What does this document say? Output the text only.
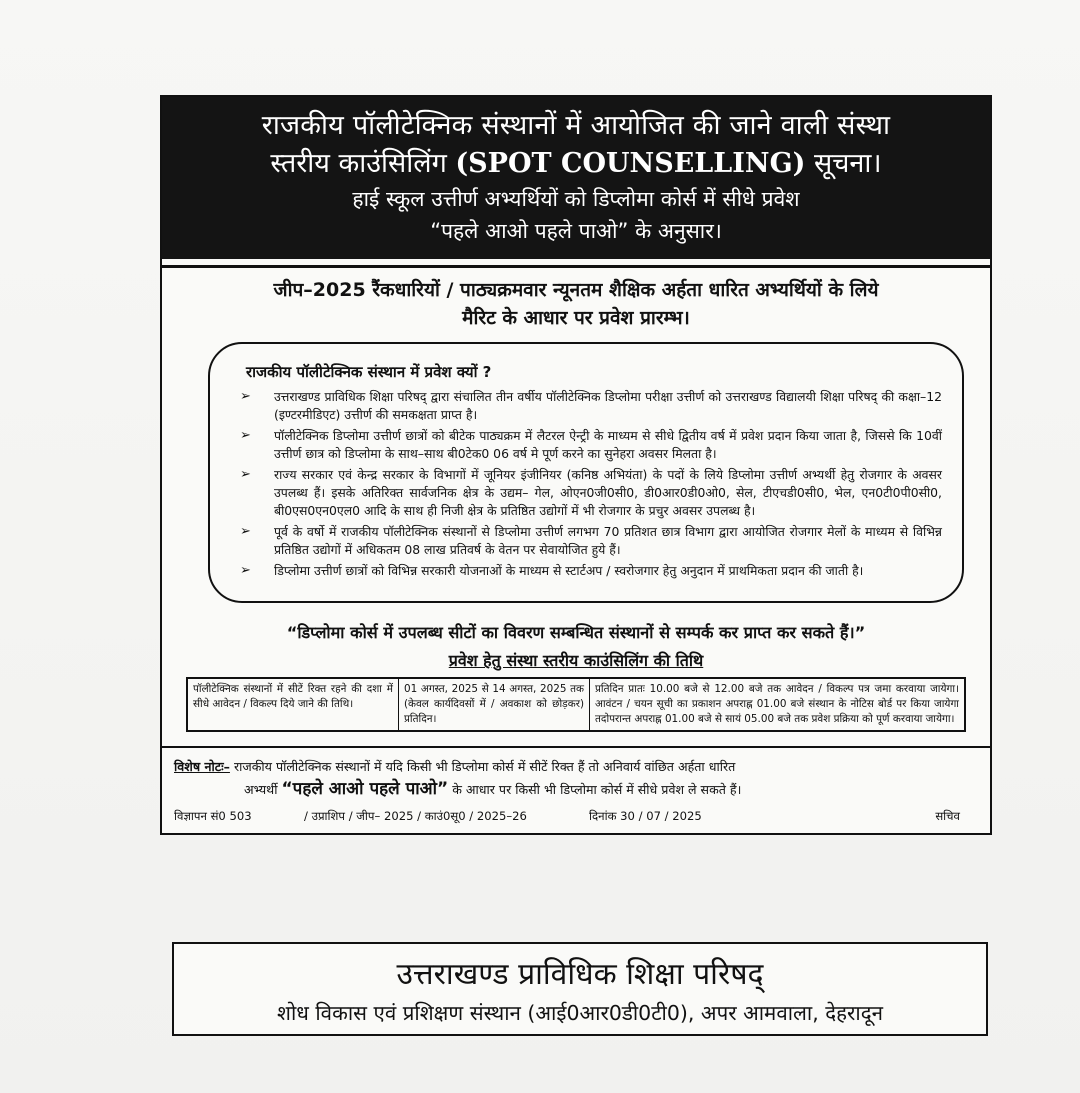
राजकीय पॉलीटेक्निक संस्थानों में आयोजित की जाने वाली संस्था
स्तरीय काउंसिलिंग (SPOT COUNSELLING) सूचना।
हाई स्कूल उत्तीर्ण अभ्यर्थियों को डिप्लोमा कोर्स में सीधे प्रवेश
“पहले आओ पहले पाओ” के अनुसार।
जीप–2025 रैंकधारियों / पाठ्यक्रमवार न्यूनतम शैक्षिक अर्हता धारित अभ्यर्थियों के लिये
मैरिट के आधार पर प्रवेश प्रारम्भ।
राजकीय पॉलीटेक्निक संस्थान में प्रवेश क्यों ?
➢ उत्तराखण्ड प्राविधिक शिक्षा परिषद् द्वारा संचालित तीन वर्षीय पॉलीटेक्निक डिप्लोमा परीक्षा उत्तीर्ण को उत्तराखण्ड विद्यालयी शिक्षा परिषद् की कक्षा–12 (इण्टरमीडिएट) उत्तीर्ण की समकक्षता प्राप्त है।
➢ पॉलीटेक्निक डिप्लोमा उत्तीर्ण छात्रों को बीटेक पाठ्यक्रम में लैटरल ऐन्ट्री के माध्यम से सीधे द्वितीय वर्ष में प्रवेश प्रदान किया जाता है, जिससे कि 10वीं उत्तीर्ण छात्र को डिप्लोमा के साथ–साथ बी0टेक0 06 वर्ष मे पूर्ण करने का सुनेहरा अवसर मिलता है।
➢ राज्य सरकार एवं केन्द्र सरकार के विभागों में जूनियर इंजीनियर (कनिष्ठ अभियंता) के पदों के लिये डिप्लोमा उत्तीर्ण अभ्यर्थी हेतु रोजगार के अवसर उपलब्ध हैं। इसके अतिरिक्त सार्वजनिक क्षेत्र के उद्यम– गेल, ओएन0जी0सी0, डी0आर0डी0ओ0, सेल, टीएचडी0सी0, भेल, एन0टी0पी0सी0, बी0एस0एन0एल0 आदि के साथ ही निजी क्षेत्र के प्रतिष्ठित उद्योगों में भी रोजगार के प्रचुर अवसर उपलब्ध है।
➢ पूर्व के वर्षो में राजकीय पॉलीटेक्निक संस्थानों से डिप्लोमा उत्तीर्ण लगभग 70 प्रतिशत छात्र विभाग द्वारा आयोजित रोजगार मेलों के माध्यम से विभिन्न प्रतिष्ठित उद्योगों में अधिकतम 08 लाख प्रतिवर्ष के वेतन पर सेवायोजित हुये हैं।
➢ डिप्लोमा उत्तीर्ण छात्रों को विभिन्न सरकारी योजनाओं के माध्यम से स्टार्टअप / स्वरोजगार हेतु अनुदान में प्राथमिकता प्रदान की जाती है।
“डिप्लोमा कोर्स में उपलब्ध सीटों का विवरण सम्बन्धित संस्थानों से सम्पर्क कर प्राप्त कर सकते हैं।”
प्रवेश हेतु संस्था स्तरीय काउंसिलिंग की तिथि
पॉलीटेक्निक संस्थानों में सीटें रिक्त रहने की दशा में सीधे आवेदन / विकल्प दिये जाने की तिथि।	01 अगस्त, 2025 से 14 अगस्त, 2025 तक (केवल कार्यदिवसों में / अवकाश को छोड़कर) प्रतिदिन।	प्रतिदिन प्रातः 10.00 बजे से 12.00 बजे तक आवेदन / विकल्प पत्र जमा करवाया जायेगा। आवंटन / चयन सूची का प्रकाशन अपराह्न 01.00 बजे संस्थान के नोटिस बोर्ड पर किया जायेगा तदोपरान्त अपराह्न 01.00 बजे से सायं 05.00 बजे तक प्रवेश प्रक्रिया को पूर्ण करवाया जायेगा।
विशेष नोटः– राजकीय पॉलीटेक्निक संस्थानों में यदि किसी भी डिप्लोमा कोर्स में सीटें रिक्त हैं तो अनिवार्य वांछित अर्हता धारित
अभ्यर्थी “पहले आओ पहले पाओ” के आधार पर किसी भी डिप्लोमा कोर्स में सीधे प्रवेश ले सकते हैं।
विज्ञापन सं0 503	/ उप्राशिप / जीप– 2025 / काउं0सू0 / 2025–26	दिनांक 30 / 07 / 2025	सचिव
उत्तराखण्ड प्राविधिक शिक्षा परिषद्
शोध विकास एवं प्रशिक्षण संस्थान (आई0आर0डी0टी0), अपर आमवाला, देहरादून
